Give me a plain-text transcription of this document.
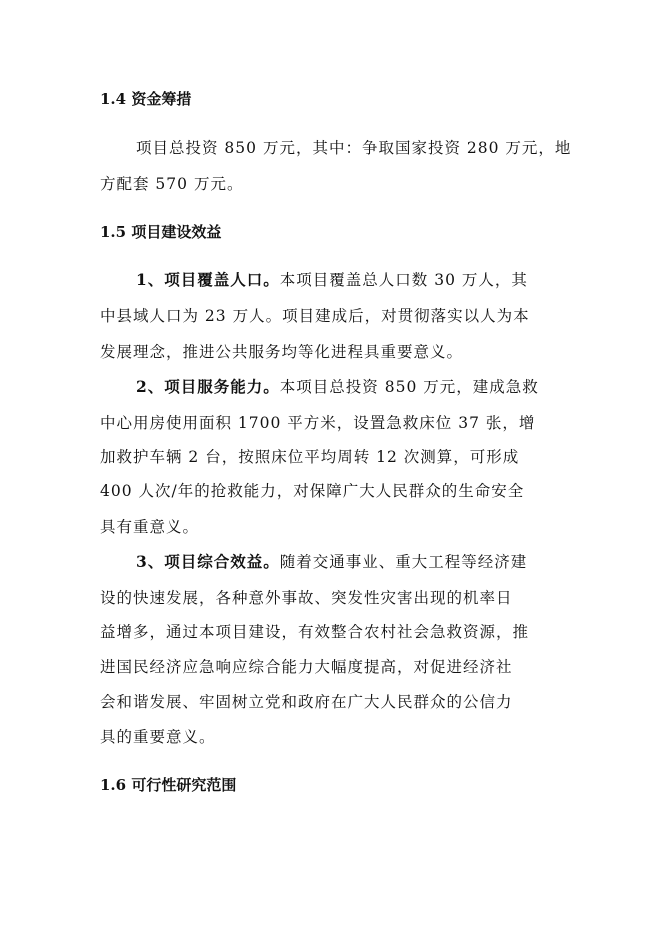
1.4 资金筹措
项目总投资 850 万元，其中：争取国家投资 280 万元，地
方配套 570 万元。
1.5 项目建设效益
1、项目覆盖人口。本项目覆盖总人口数 30 万人，其
中县域人口为 23 万人。项目建成后，对贯彻落实以人为本
发展理念，推进公共服务均等化进程具重要意义。
2、项目服务能力。本项目总投资 850 万元，建成急救
中心用房使用面积 1700 平方米，设置急救床位 37 张，增
加救护车辆 2 台，按照床位平均周转 12 次测算，可形成
400 人次/年的抢救能力，对保障广大人民群众的生命安全
具有重意义。
3、项目综合效益。随着交通事业、重大工程等经济建
设的快速发展，各种意外事故、突发性灾害出现的机率日
益增多，通过本项目建设，有效整合农村社会急救资源，推
进国民经济应急响应综合能力大幅度提高，对促进经济社
会和谐发展、牢固树立党和政府在广大人民群众的公信力
具的重要意义。
1.6 可行性研究范围
